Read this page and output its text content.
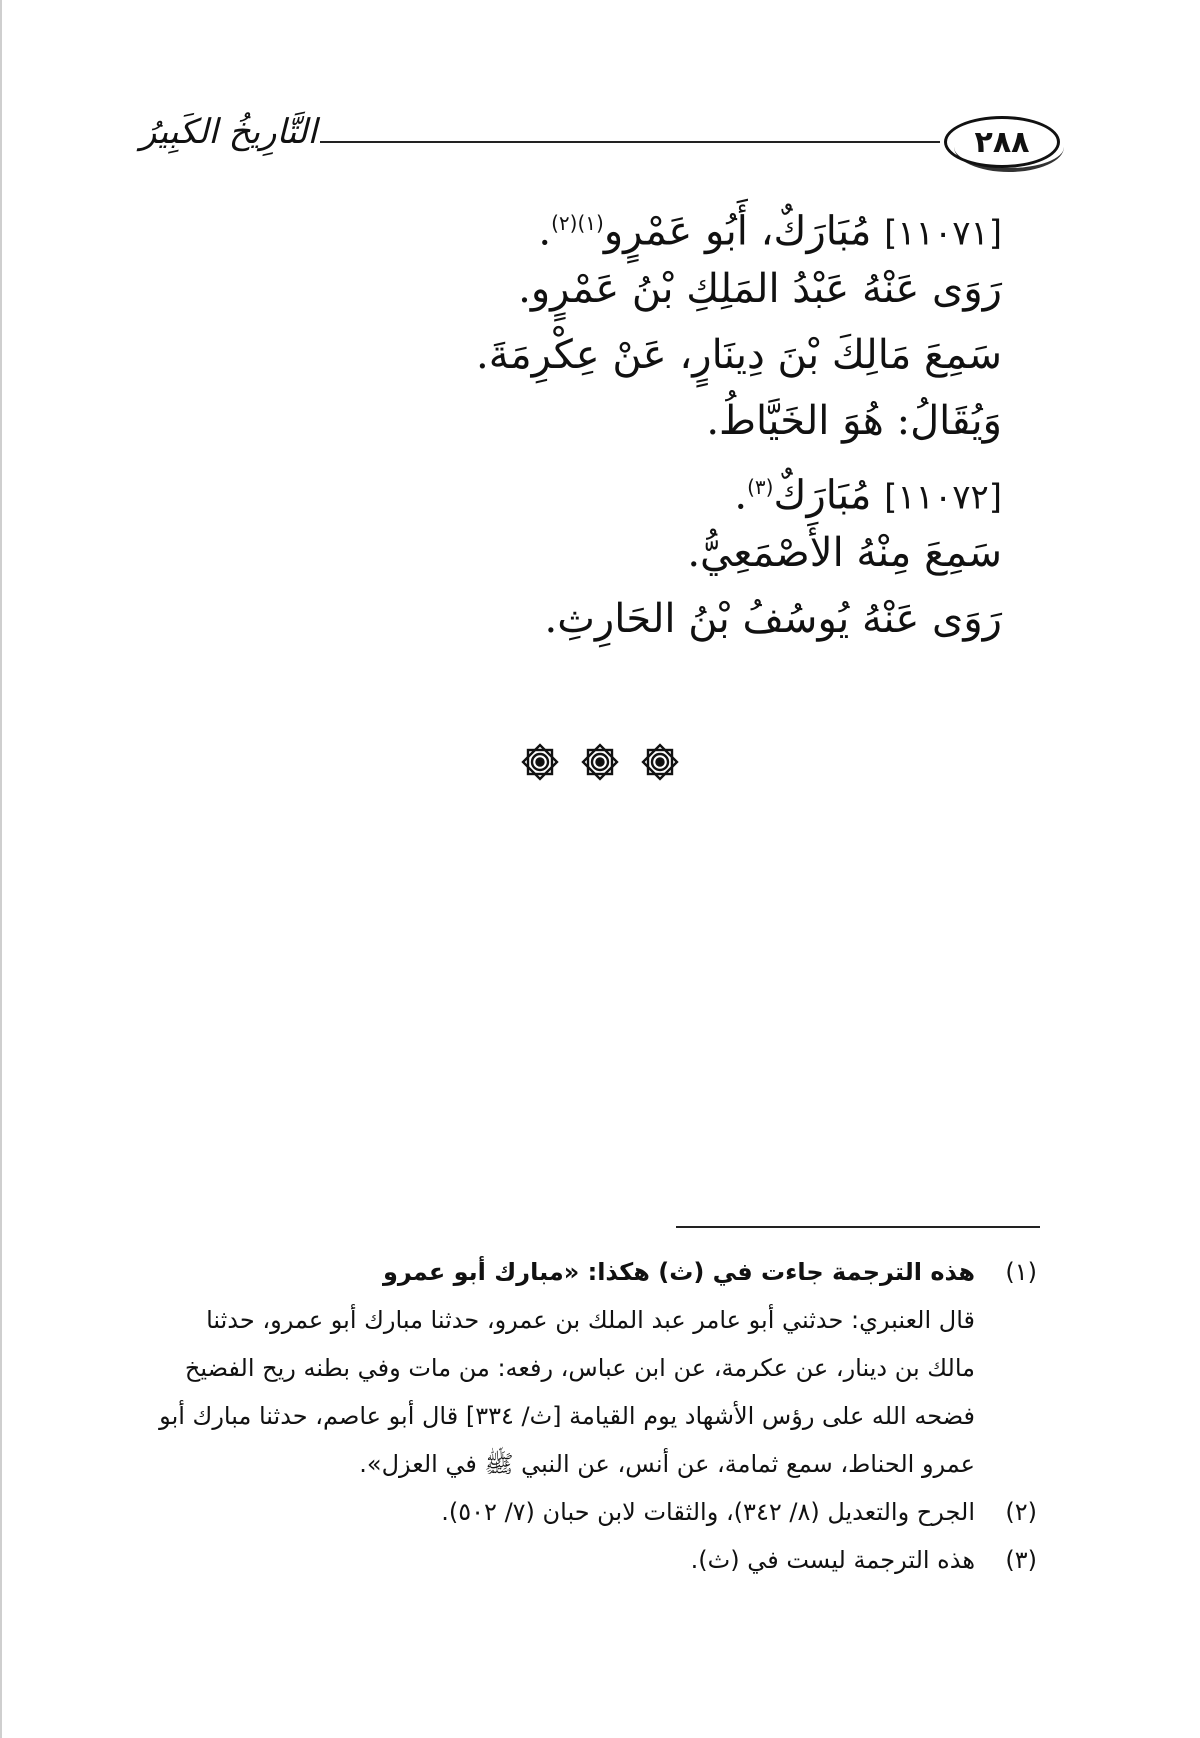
التَّارِيخُ الكَبِيرُ	٢٨٨
[١١٠٧١] مُبَارَكٌ، أَبُو عَمْرٍو$^{(١)(٢)}$.
رَوَى عَنْهُ عَبْدُ المَلِكِ بْنُ عَمْرٍو.
سَمِعَ مَالِكَ بْنَ دِينَارٍ، عَنْ عِكْرِمَةَ.
وَيُقَالُ: هُوَ الخَيَّاطُ.
[١١٠٧٢] مُبَارَكٌ$^{(٣)}$.
سَمِعَ مِنْهُ الأَصْمَعِيُّ.
رَوَى عَنْهُ يُوسُفُ بْنُ الحَارِثِ.
(١)
هذه الترجمة جاءت في (ث) هكذا: «مبارك أبو عمرو
قال العنبري: حدثني أبو عامر عبد الملك بن عمرو، حدثنا مبارك أبو عمرو، حدثنا
مالك بن دينار، عن عكرمة، عن ابن عباس، رفعه: من مات وفي بطنه ريح الفضيخ
فضحه الله على رؤس الأشهاد يوم القيامة [ث/ ٣٣٤] قال أبو عاصم، حدثنا مبارك أبو
عمرو الحناط، سمع ثمامة، عن أنس، عن النبي ﷺ في العزل».
(٢)
الجرح والتعديل (٨/ ٣٤٢)، والثقات لابن حبان (٧/ ٥٠٢).
(٣)
هذه الترجمة ليست في (ث).
